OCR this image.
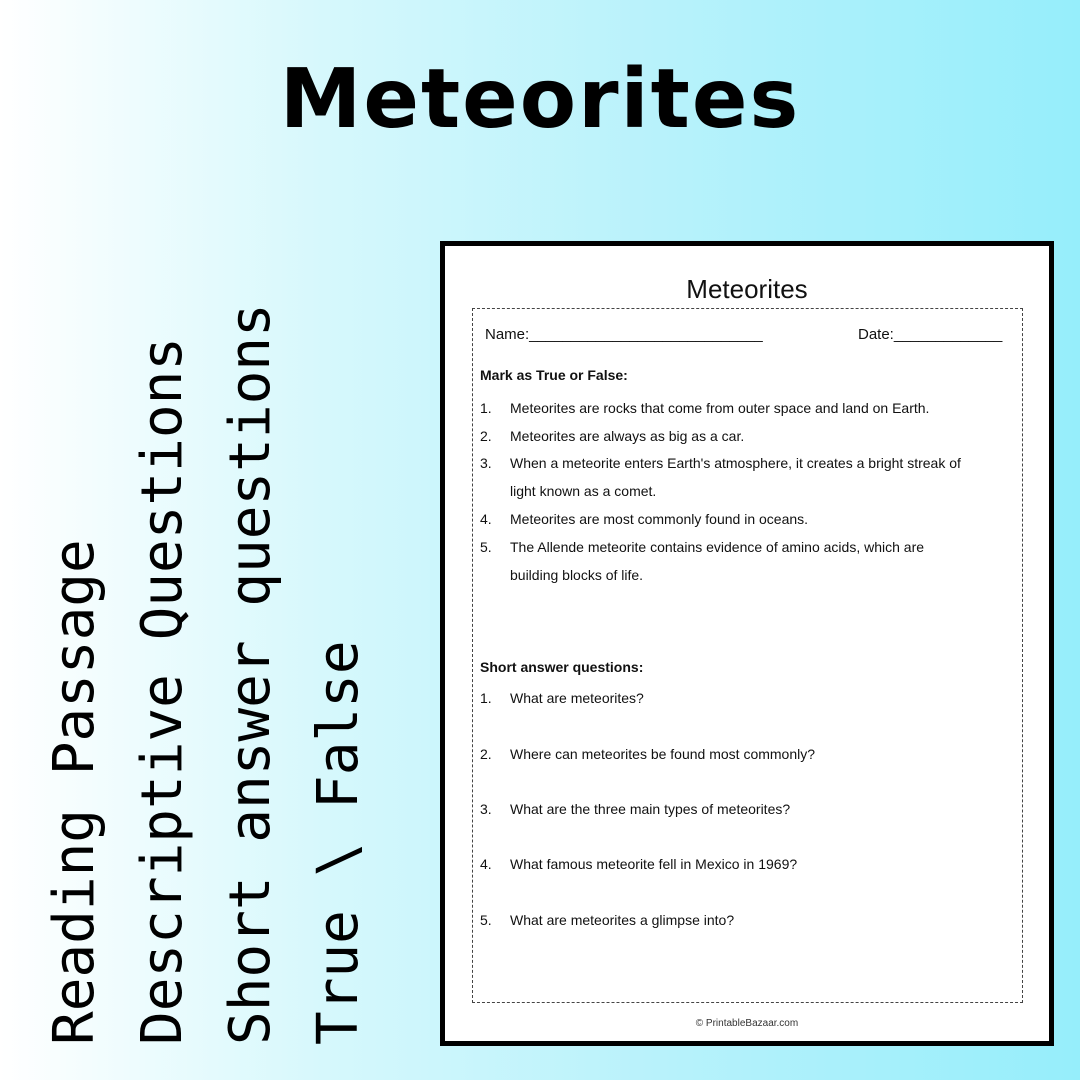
Meteorites
Reading Passage Descriptive Questions Short answer questions True \ False
Meteorites
Name:____________________________	Date:_____________
Mark as True or False:
1. Meteorites are rocks that come from outer space and land on Earth.
2. Meteorites are always as big as a car.
3. When a meteorite enters Earth's atmosphere, it creates a bright streak of light known as a comet.
4. Meteorites are most commonly found in oceans.
5. The Allende meteorite contains evidence of amino acids, which are building blocks of life.
Short answer questions:
1. What are meteorites?
2. Where can meteorites be found most commonly?
3. What are the three main types of meteorites?
4. What famous meteorite fell in Mexico in 1969?
5. What are meteorites a glimpse into?
© PrintableBazaar.com
